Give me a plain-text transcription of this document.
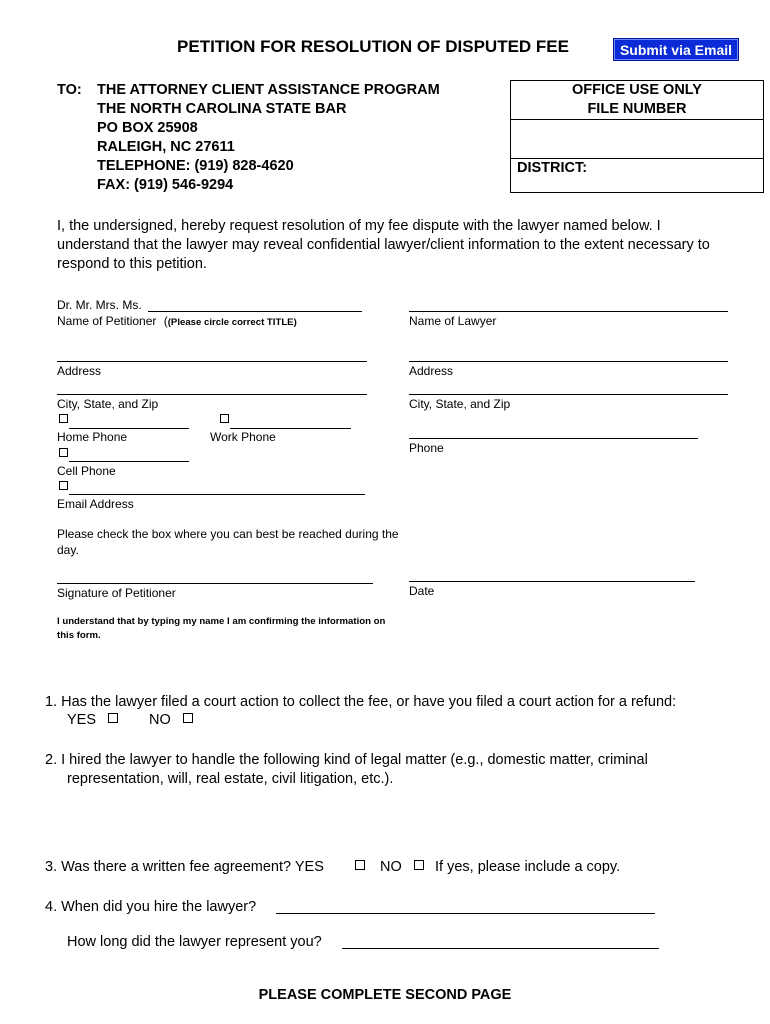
PETITION FOR RESOLUTION OF DISPUTED FEE	Submit via Email
TO: THE ATTORNEY CLIENT ASSISTANCE PROGRAM
THE NORTH CAROLINA STATE BAR
PO BOX 25908
RALEIGH, NC 27611
TELEPHONE: (919) 828-4620
FAX: (919) 546-9294
OFFICE USE ONLY
FILE NUMBER
DISTRICT:
I, the undersigned, hereby request resolution of my fee dispute with the lawyer named below. I understand that the lawyer may reveal confidential lawyer/client information to the extent necessary to respond to this petition.
Dr. Mr. Mrs. Ms.
Name of Petitioner ((Please circle correct TITLE)
Address
City, State, and Zip
Home Phone	Work Phone
Cell Phone
Email Address
Please check the box where you can best be reached during the day.
Signature of Petitioner
I understand that by typing my name I am confirming the information on this form.
Name of Lawyer
Address
City, State, and Zip
Phone
Date
1. Has the lawyer filed a court action to collect the fee, or have you filed a court action for a refund:
YES	NO
2. I hired the lawyer to handle the following kind of legal matter (e.g., domestic matter, criminal
representation, will, real estate, civil litigation, etc.).
3. Was there a written fee agreement? YES	NO If yes, please include a copy.
4. When did you hire the lawyer?
How long did the lawyer represent you?
PLEASE COMPLETE SECOND PAGE
